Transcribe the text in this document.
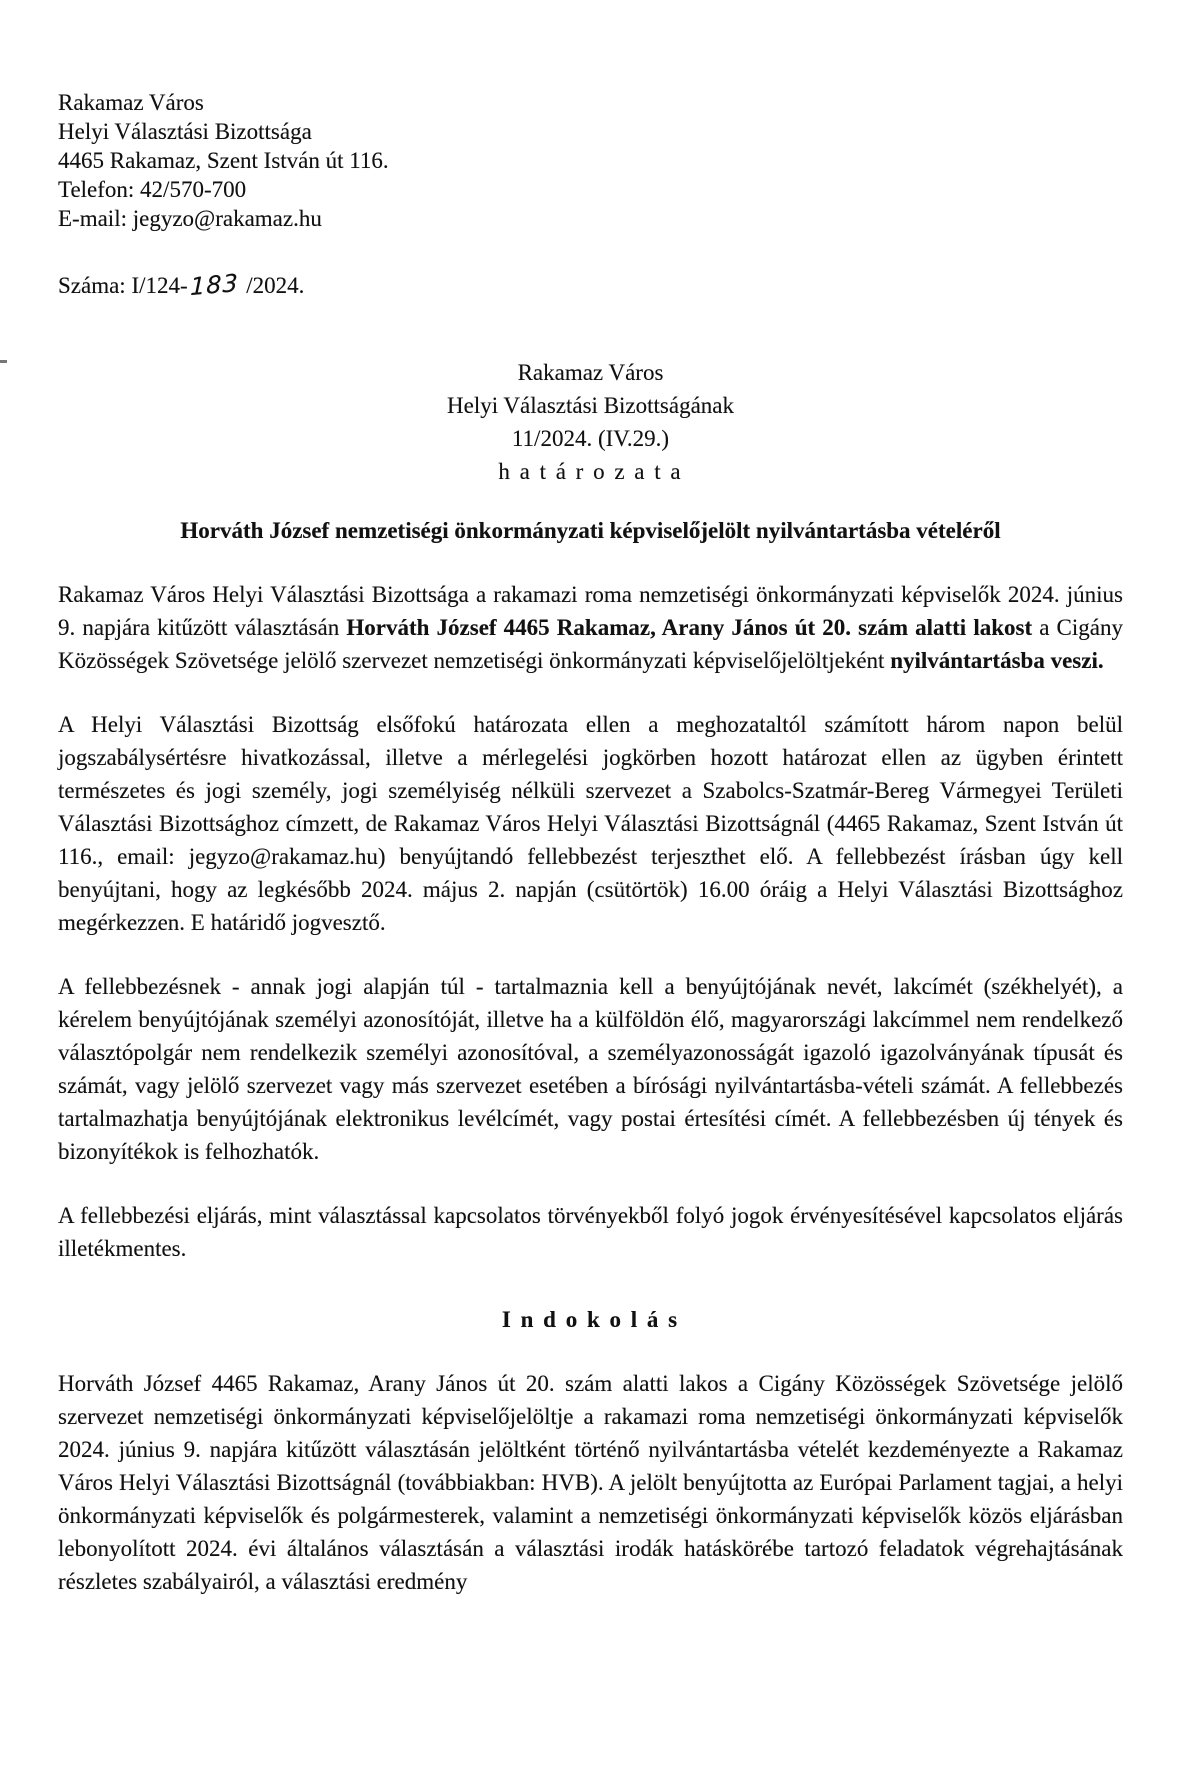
Rakamaz Város
Helyi Választási Bizottsága
4465 Rakamaz, Szent István út 116.
Telefon: 42/570-700
E-mail: jegyzo@rakamaz.hu
Száma: I/124-183 /2024.
Rakamaz Város
Helyi Választási Bizottságának
11/2024. (IV.29.)
h a t á r o z a t a
Horváth József nemzetiségi önkormányzati képviselőjelölt nyilvántartásba vételéről

Rakamaz Város Helyi Választási Bizottsága a rakamazi roma nemzetiségi önkormányzati képviselők 2024. június 9. napjára kitűzött választásán Horváth József 4465 Rakamaz, Arany János út 20. szám alatti lakost a Cigány Közösségek Szövetsége jelölő szervezet nemzetiségi önkormányzati képviselőjelöltjeként nyilvántartásba veszi.

A Helyi Választási Bizottság elsőfokú határozata ellen a meghozataltól számított három napon belül jogszabálysértésre hivatkozással, illetve a mérlegelési jogkörben hozott határozat ellen az ügyben érintett természetes és jogi személy, jogi személyiség nélküli szervezet a Szabolcs-Szatmár-Bereg Vármegyei Területi Választási Bizottsághoz címzett, de Rakamaz Város Helyi Választási Bizottságnál (4465 Rakamaz, Szent István út 116., email: jegyzo@rakamaz.hu) benyújtandó fellebbezést terjeszthet elő. A fellebbezést írásban úgy kell benyújtani, hogy az legkésőbb 2024. május 2. napján (csütörtök) 16.00 óráig a Helyi Választási Bizottsághoz megérkezzen. E határidő jogvesztő.

A fellebbezésnek - annak jogi alapján túl - tartalmaznia kell a benyújtójának nevét, lakcímét (székhelyét), a kérelem benyújtójának személyi azonosítóját, illetve ha a külföldön élő, magyarországi lakcímmel nem rendelkező választópolgár nem rendelkezik személyi azonosítóval, a személyazonosságát igazoló igazolványának típusát és számát, vagy jelölő szervezet vagy más szervezet esetében a bírósági nyilvántartásba-vételi számát. A fellebbezés tartalmazhatja benyújtójának elektronikus levélcímét, vagy postai értesítési címét. A fellebbezésben új tények és bizonyítékok is felhozhatók.

A fellebbezési eljárás, mint választással kapcsolatos törvényekből folyó jogok érvényesítésével kapcsolatos eljárás illetékmentes.

I n d o k o l á s

Horváth József 4465 Rakamaz, Arany János út 20. szám alatti lakos a Cigány Közösségek Szövetsége jelölő szervezet nemzetiségi önkormányzati képviselőjelöltje a rakamazi roma nemzetiségi önkormányzati képviselők 2024. június 9. napjára kitűzött választásán jelöltként történő nyilvántartásba vételét kezdeményezte a Rakamaz Város Helyi Választási Bizottságnál (továbbiakban: HVB). A jelölt benyújtotta az Európai Parlament tagjai, a helyi önkormányzati képviselők és polgármesterek, valamint a nemzetiségi önkormányzati képviselők közös eljárásban lebonyolított 2024. évi általános választásán a választási irodák hatáskörébe tartozó feladatok végrehajtásának részletes szabályairól, a választási eredmény
